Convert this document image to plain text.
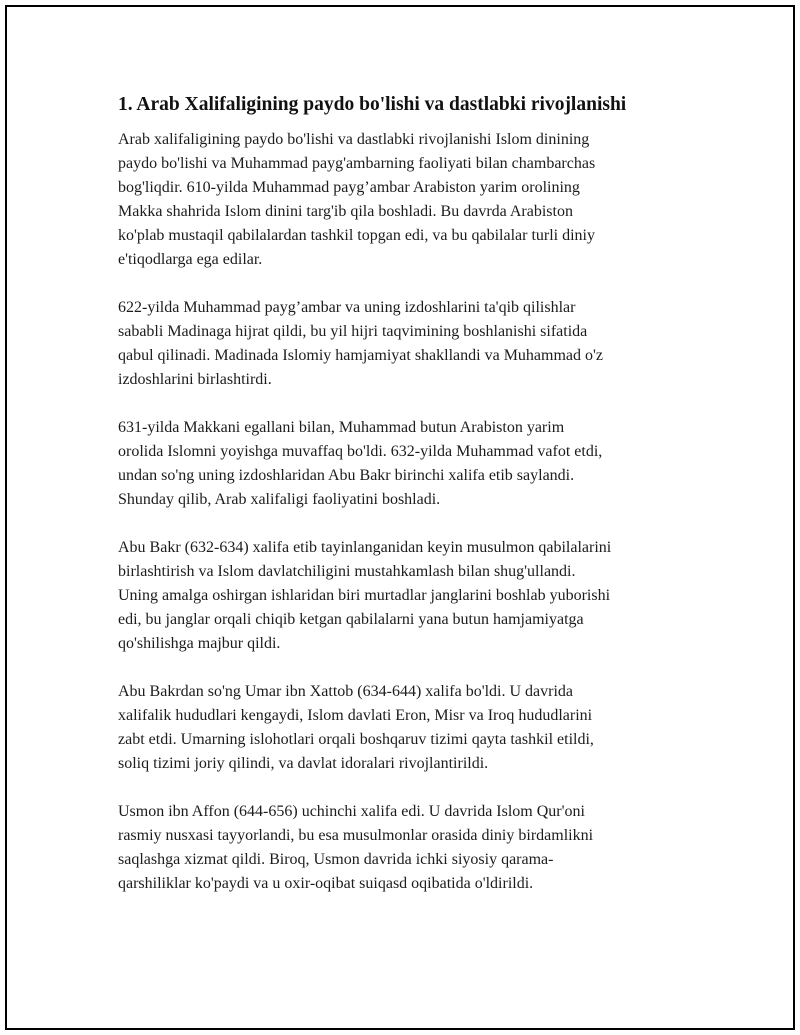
1. Arab Xalifaligining paydo bo'lishi va dastlabki rivojlanishi

Arab xalifaligining paydo bo'lishi va dastlabki rivojlanishi Islom dinining
paydo bo'lishi va Muhammad payg'ambarning faoliyati bilan chambarchas
bog'liqdir. 610-yilda Muhammad payg’ambar Arabiston yarim orolining
Makka shahrida Islom dinini targ'ib qila boshladi. Bu davrda Arabiston
ko'plab mustaqil qabilalardan tashkil topgan edi, va bu qabilalar turli diniy
e'tiqodlarga ega edilar.

622-yilda Muhammad payg’ambar va uning izdoshlarini ta'qib qilishlar
sababli Madinaga hijrat qildi, bu yil hijri taqvimining boshlanishi sifatida
qabul qilinadi. Madinada Islomiy hamjamiyat shakllandi va Muhammad o'z
izdoshlarini birlashtirdi.

631-yilda Makkani egallani bilan, Muhammad butun Arabiston yarim
orolida Islomni yoyishga muvaffaq bo'ldi. 632-yilda Muhammad vafot etdi,
undan so'ng uning izdoshlaridan Abu Bakr birinchi xalifa etib saylandi.
Shunday qilib, Arab xalifaligi faoliyatini boshladi.

Abu Bakr (632-634) xalifa etib tayinlanganidan keyin musulmon qabilalarini
birlashtirish va Islom davlatchiligini mustahkamlash bilan shug'ullandi.
Uning amalga oshirgan ishlaridan biri murtadlar janglarini boshlab yuborishi
edi, bu janglar orqali chiqib ketgan qabilalarni yana butun hamjamiyatga
qo'shilishga majbur qildi.

Abu Bakrdan so'ng Umar ibn Xattob (634-644) xalifa bo'ldi. U davrida
xalifalik hududlari kengaydi, Islom davlati Eron, Misr va Iroq hududlarini
zabt etdi. Umarning islohotlari orqali boshqaruv tizimi qayta tashkil etildi,
soliq tizimi joriy qilindi, va davlat idoralari rivojlantirildi.

Usmon ibn Affon (644-656) uchinchi xalifa edi. U davrida Islom Qur'oni
rasmiy nusxasi tayyorlandi, bu esa musulmonlar orasida diniy birdamlikni
saqlashga xizmat qildi. Biroq, Usmon davrida ichki siyosiy qarama-
qarshiliklar ko'paydi va u oxir-oqibat suiqasd oqibatida o'ldirildi.
